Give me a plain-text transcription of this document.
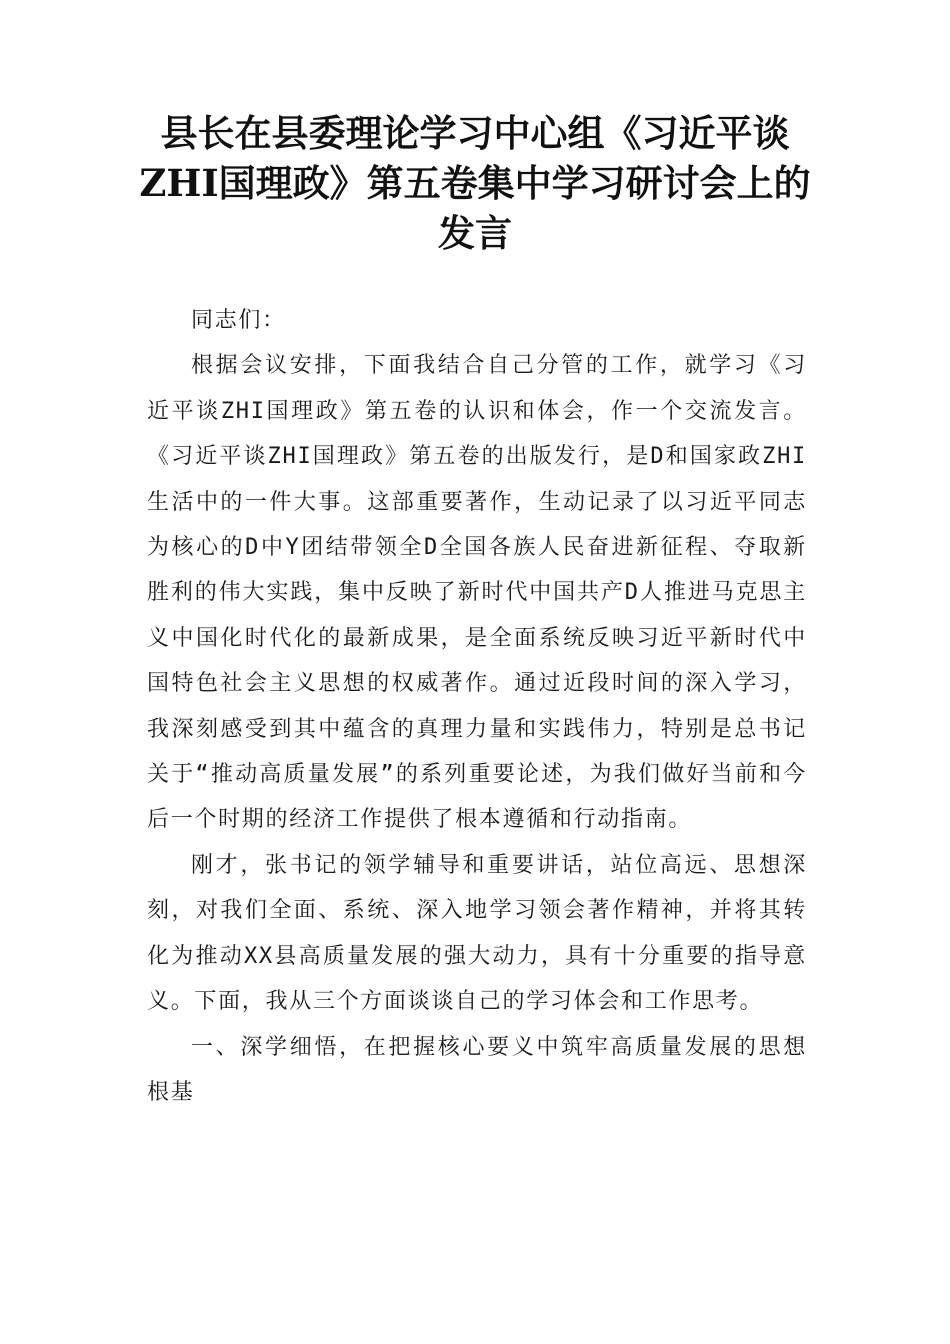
县长在县委理论学习中心组《习近平谈
ZHI国理政》第五卷集中学习研讨会上的
发言

同志们：

根据会议安排，下面我结合自己分管的工作，就学习《习近平谈ZHI国理政》第五卷的认识和体会，作一个交流发言。《习近平谈ZHI国理政》第五卷的出版发行，是D和国家政ZHI生活中的一件大事。这部重要著作，生动记录了以习近平同志为核心的D中Y团结带领全D全国各族人民奋进新征程、夺取新胜利的伟大实践，集中反映了新时代中国共产D人推进马克思主义中国化时代化的最新成果，是全面系统反映习近平新时代中国特色社会主义思想的权威著作。通过近段时间的深入学习，我深刻感受到其中蕴含的真理力量和实践伟力，特别是总书记关于“推动高质量发展”的系列重要论述，为我们做好当前和今后一个时期的经济工作提供了根本遵循和行动指南。

刚才，张书记的领学辅导和重要讲话，站位高远、思想深刻，对我们全面、系统、深入地学习领会著作精神，并将其转化为推动XX县高质量发展的强大动力，具有十分重要的指导意义。下面，我从三个方面谈谈自己的学习体会和工作思考。

一、深学细悟，在把握核心要义中筑牢高质量发展的思想根基
